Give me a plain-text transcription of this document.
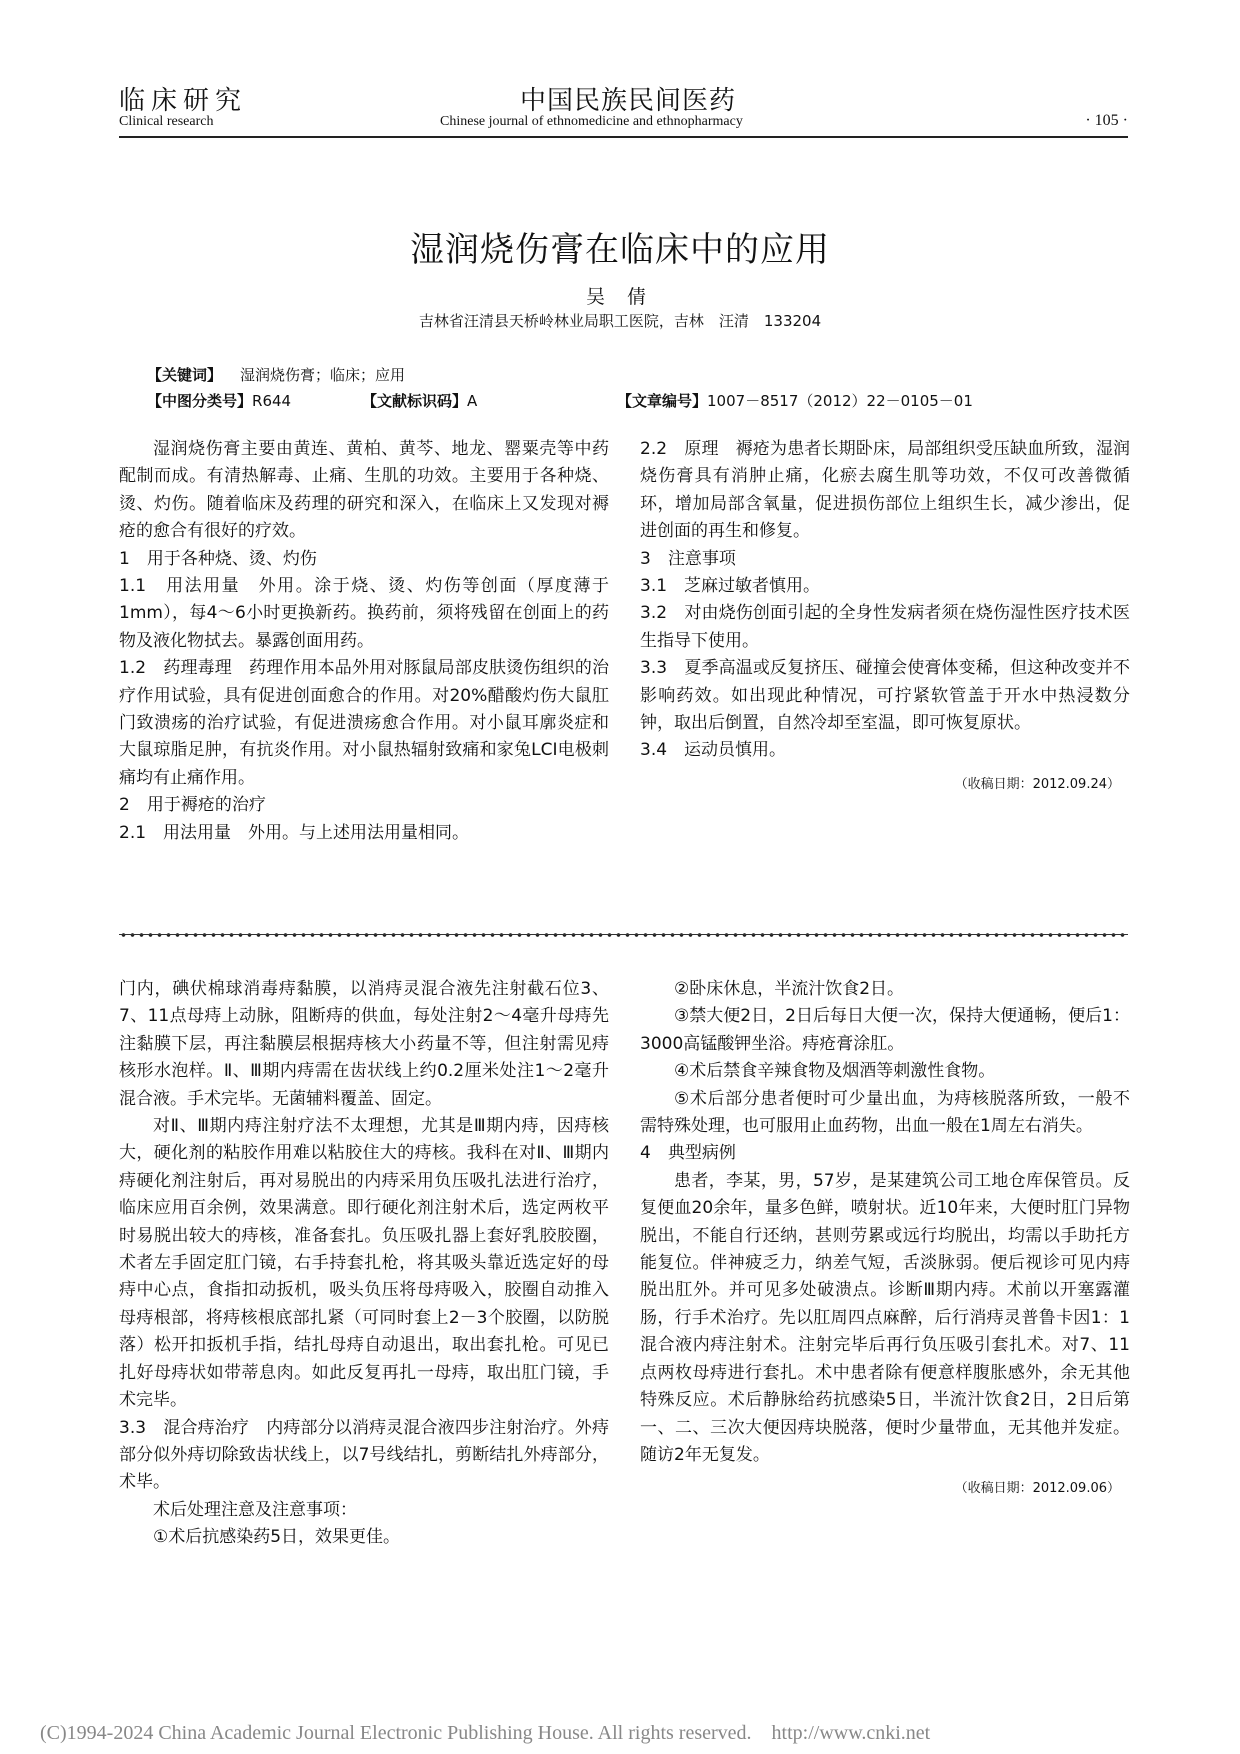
临床研究
Clinical research
中国民族民间医药
Chinese journal of ethnomedicine and ethnopharmacy	· 105 ·
湿润烧伤膏在临床中的应用
吴 倩
吉林省汪清县天桥岭林业局职工医院，吉林　汪清　133204
【关键词】 湿润烧伤膏；临床；应用
【中图分类号】R644	【文献标识码】A	【文章编号】1007－8517（2012）22－0105－01

湿润烧伤膏主要由黄连、黄柏、黄芩、地龙、罂粟壳等中药配制而成。有清热解毒、止痛、生肌的功效。主要用于各种烧、烫、灼伤。随着临床及药理的研究和深入，在临床上又发现对褥疮的愈合有很好的疗效。

1　用于各种烧、烫、灼伤

1.1　用法用量　外用。涂于烧、烫、灼伤等创面（厚度薄于1mm），每4～6小时更换新药。换药前，须将残留在创面上的药物及液化物拭去。暴露创面用药。

1.2　药理毒理　药理作用本品外用对豚鼠局部皮肤烫伤组织的治疗作用试验，具有促进创面愈合的作用。对20%醋酸灼伤大鼠肛门致溃疡的治疗试验，有促进溃疡愈合作用。对小鼠耳廓炎症和大鼠琼脂足肿，有抗炎作用。对小鼠热辐射致痛和家兔LCI电极刺痛均有止痛作用。

2　用于褥疮的治疗

2.1　用法用量　外用。与上述用法用量相同。

2.2　原理　褥疮为患者长期卧床，局部组织受压缺血所致，湿润烧伤膏具有消肿止痛，化瘀去腐生肌等功效，不仅可改善微循环，增加局部含氧量，促进损伤部位上组织生长，减少渗出，促进创面的再生和修复。

3　注意事项

3.1　芝麻过敏者慎用。

3.2　对由烧伤创面引起的全身性发病者须在烧伤湿性医疗技术医生指导下使用。

3.3　夏季高温或反复挤压、碰撞会使膏体变稀，但这种改变并不影响药效。如出现此种情况，可拧紧软管盖于开水中热浸数分钟，取出后倒置，自然冷却至室温，即可恢复原状。

3.4　运动员慎用。

（收稿日期：2012.09.24）

门内，碘伏棉球消毒痔黏膜，以消痔灵混合液先注射截石位3、7、11点母痔上动脉，阻断痔的供血，每处注射2～4毫升母痔先注黏膜下层，再注黏膜层根据痔核大小药量不等，但注射需见痔核形水泡样。Ⅱ、Ⅲ期内痔需在齿状线上约0.2厘米处注1～2毫升混合液。手术完毕。无菌辅料覆盖、固定。

对Ⅱ、Ⅲ期内痔注射疗法不太理想，尤其是Ⅲ期内痔，因痔核大，硬化剂的粘胶作用难以粘胶住大的痔核。我科在对Ⅱ、Ⅲ期内痔硬化剂注射后，再对易脱出的内痔采用负压吸扎法进行治疗，临床应用百余例，效果满意。即行硬化剂注射术后，选定两枚平时易脱出较大的痔核，准备套扎。负压吸扎器上套好乳胶胶圈，术者左手固定肛门镜，右手持套扎枪，将其吸头靠近选定好的母痔中心点，食指扣动扳机，吸头负压将母痔吸入，胶圈自动推入母痔根部，将痔核根底部扎紧（可同时套上2－3个胶圈，以防脱落）松开扣扳机手指，结扎母痔自动退出，取出套扎枪。可见已扎好母痔状如带蒂息肉。如此反复再扎一母痔，取出肛门镜，手术完毕。

3.3　混合痔治疗　内痔部分以消痔灵混合液四步注射治疗。外痔部分似外痔切除致齿状线上，以7号线结扎，剪断结扎外痔部分，术毕。

术后处理注意及注意事项：

①术后抗感染药5日，效果更佳。

②卧床休息，半流汁饮食2日。

③禁大便2日，2日后每日大便一次，保持大便通畅，便后1：3000高锰酸钾坐浴。痔疮膏涂肛。

④术后禁食辛辣食物及烟酒等刺激性食物。

⑤术后部分患者便时可少量出血，为痔核脱落所致，一般不需特殊处理，也可服用止血药物，出血一般在1周左右消失。

4　典型病例

患者，李某，男，57岁，是某建筑公司工地仓库保管员。反复便血20余年，量多色鲜，喷射状。近10年来，大便时肛门异物脱出，不能自行还纳，甚则劳累或远行均脱出，均需以手助托方能复位。伴神疲乏力，纳差气短，舌淡脉弱。便后视诊可见内痔脱出肛外。并可见多处破溃点。诊断Ⅲ期内痔。术前以开塞露灌肠，行手术治疗。先以肛周四点麻醉，后行消痔灵普鲁卡因1：1混合液内痔注射术。注射完毕后再行负压吸引套扎术。对7、11点两枚母痔进行套扎。术中患者除有便意样腹胀感外，余无其他特殊反应。术后静脉给药抗感染5日，半流汁饮食2日，2日后第一、二、三次大便因痔块脱落，便时少量带血，无其他并发症。随访2年无复发。

（收稿日期：2012.09.06）

(C)1994-2024 China Academic Journal Electronic Publishing House. All rights reserved.　http://www.cnki.net
